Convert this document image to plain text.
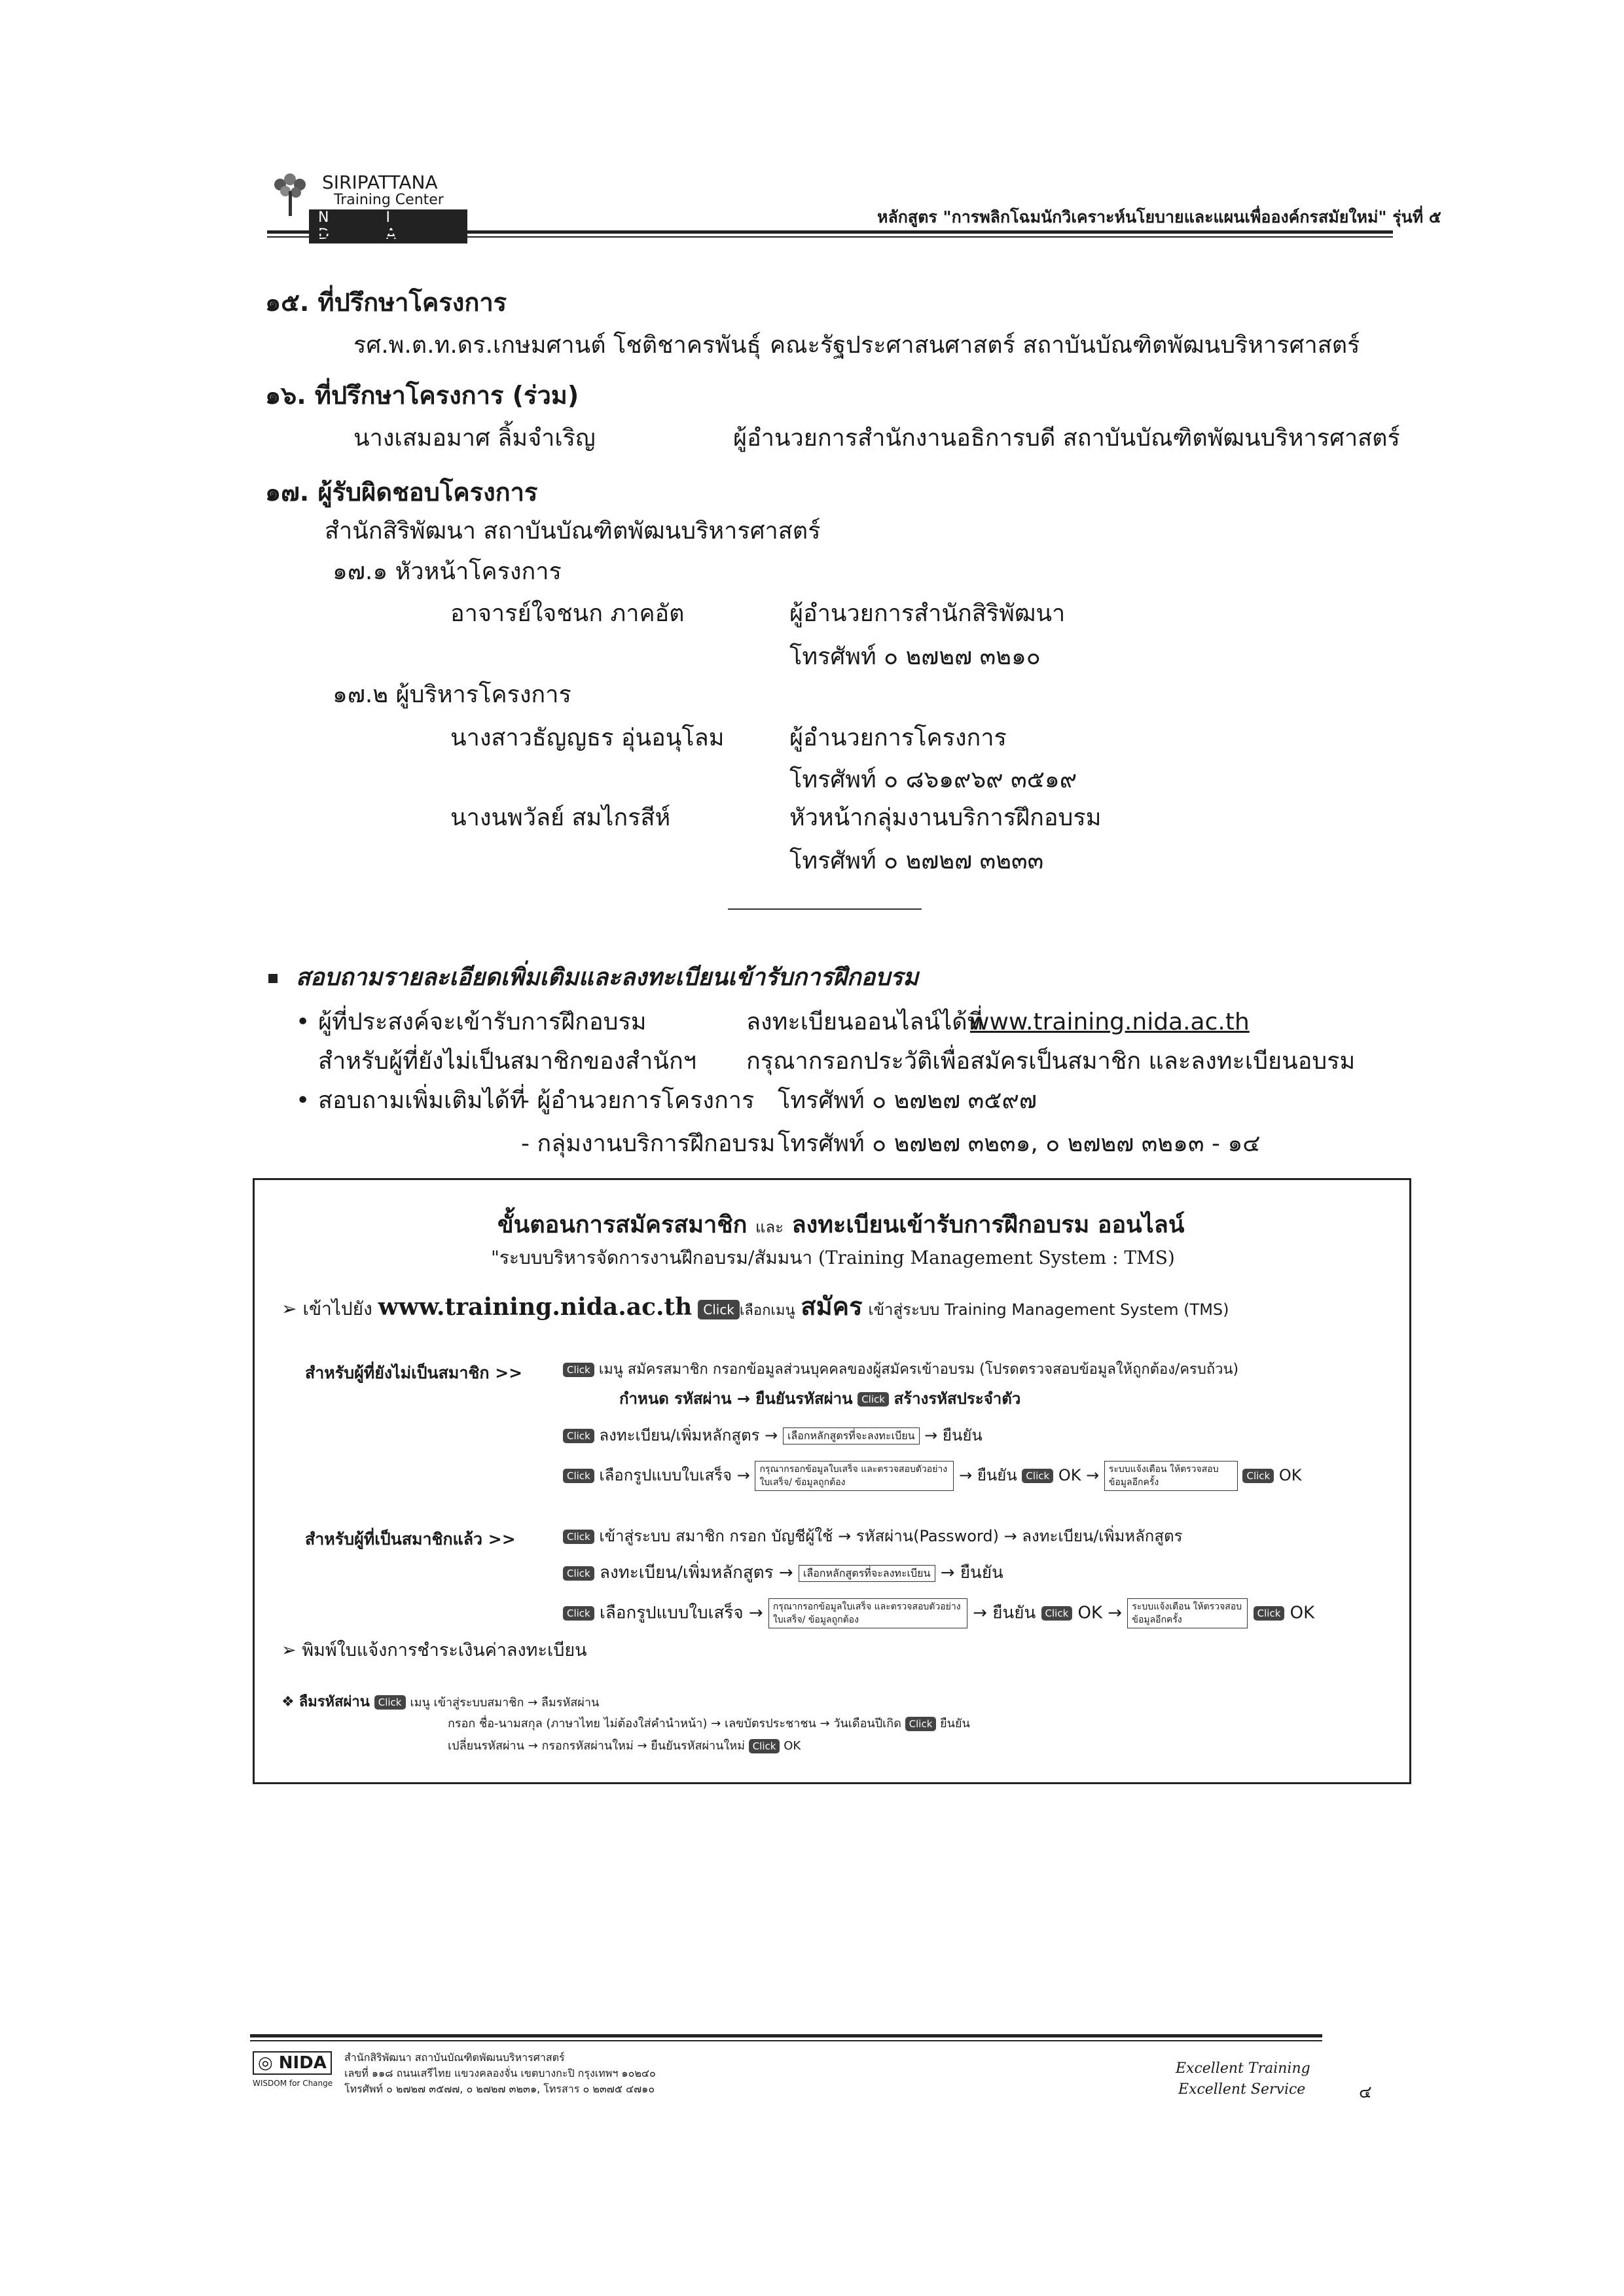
SIRIPATTANA
Training Center
N I D A
หลักสูตร "การพลิกโฉมนักวิเคราะห์นโยบายและแผนเพื่อองค์กรสมัยใหม่" รุ่นที่ ๕
๑๕. ที่ปรึกษาโครงการ
รศ.พ.ต.ท.ดร.เกษมศานต์ โชติชาครพันธุ์ คณะรัฐประศาสนศาสตร์ สถาบันบัณฑิตพัฒนบริหารศาสตร์
๑๖. ที่ปรึกษาโครงการ (ร่วม)
นางเสมอมาศ ลิ้มจำเริญ	ผู้อำนวยการสำนักงานอธิการบดี สถาบันบัณฑิตพัฒนบริหารศาสตร์
๑๗. ผู้รับผิดชอบโครงการ
สำนักสิริพัฒนา สถาบันบัณฑิตพัฒนบริหารศาสตร์
๑๗.๑ หัวหน้าโครงการ
อาจารย์ใจชนก ภาคอัต	ผู้อำนวยการสำนักสิริพัฒนา
โทรศัพท์ ๐ ๒๗๒๗ ๓๒๑๐
๑๗.๒ ผู้บริหารโครงการ
นางสาวธัญญธร อุ่นอนุโลม	ผู้อำนวยการโครงการ
โทรศัพท์ ๐ ๘๖๑๙๖๙ ๓๕๑๙
นางนพวัลย์ สมไกรสีห์	หัวหน้ากลุ่มงานบริการฝึกอบรม
โทรศัพท์ ๐ ๒๗๒๗ ๓๒๓๓
สอบถามรายละเอียดเพิ่มเติมและลงทะเบียนเข้ารับการฝึกอบรม
• ผู้ที่ประสงค์จะเข้ารับการฝึกอบรม	ลงทะเบียนออนไลน์ได้ที่
www.training.nida.ac.th
สำหรับผู้ที่ยังไม่เป็นสมาชิกของสำนักฯ กรุณากรอกประวัติเพื่อสมัครเป็นสมาชิก และลงทะเบียนอบรม
• สอบถามเพิ่มเติมได้ที่
- ผู้อำนวยการโครงการ โทรศัพท์ ๐ ๒๗๒๗ ๓๕๙๗
- กลุ่มงานบริการฝึกอบรม โทรศัพท์ ๐ ๒๗๒๗ ๓๒๓๑, ๐ ๒๗๒๗ ๓๒๑๓ - ๑๔
ขั้นตอนการสมัครสมาชิก และ ลงทะเบียนเข้ารับการฝึกอบรม ออนไลน์
"ระบบบริหารจัดการงานฝึกอบรม/สัมมนา (Training Management System : TMS)
➢ เข้าไปยัง www.training.nida.ac.th Click เลือกเมนู สมัคร เข้าสู่ระบบ Training Management System (TMS)
สำหรับผู้ที่ยังไม่เป็นสมาชิก >>	Click เมนู สมัครสมาชิก กรอกข้อมูลส่วนบุคคลของผู้สมัครเข้าอบรม (โปรดตรวจสอบข้อมูลให้ถูกต้อง/ครบถ้วน)
กำหนด รหัสผ่าน → ยืนยันรหัสผ่าน Click สร้างรหัสประจำตัว
Click ลงทะเบียน/เพิ่มหลักสูตร → เลือกหลักสูตรที่จะลงทะเบียน → ยืนยัน
Click เลือกรูปแบบใบเสร็จ → กรุณากรอกข้อมูลใบเสร็จ และตรวจสอบตัวอย่างใบเสร็จ/ ข้อมูลถูกต้อง	→ ยืนยัน Click OK → ระบบแจ้งเตือน ให้ตรวจสอบข้อมูลอีกครั้ง Click OK
สำหรับผู้ที่เป็นสมาชิกแล้ว >>	Click เข้าสู่ระบบ สมาชิก กรอก บัญชีผู้ใช้ → รหัสผ่าน(Password) → ลงทะเบียน/เพิ่มหลักสูตร
Click ลงทะเบียน/เพิ่มหลักสูตร → เลือกหลักสูตรที่จะลงทะเบียน → ยืนยัน
Click เลือกรูปแบบใบเสร็จ → กรุณากรอกข้อมูลใบเสร็จ และตรวจสอบตัวอย่างใบเสร็จ/ ข้อมูลถูกต้อง	→ ยืนยัน Click OK → ระบบแจ้งเตือน ให้ตรวจสอบข้อมูลอีกครั้ง Click OK
➢ พิมพ์ใบแจ้งการชำระเงินค่าลงทะเบียน
❖ ลืมรหัสผ่าน Click เมนู เข้าสู่ระบบสมาชิก → ลืมรหัสผ่าน
กรอก ชื่อ-นามสกุล (ภาษาไทย ไม่ต้องใส่คำนำหน้า) → เลขบัตรประชาชน → วันเดือนปีเกิด Click ยืนยัน
เปลี่ยนรหัสผ่าน → กรอกรหัสผ่านใหม่ → ยืนยันรหัสผ่านใหม่ Click OK
◎ NIDA
WISDOM for Change
สำนักสิริพัฒนา สถาบันบัณฑิตพัฒนบริหารศาสตร์
เลขที่ ๑๑๘ ถนนเสรีไทย แขวงคลองจั่น เขตบางกะปิ กรุงเทพฯ ๑๐๒๔๐
โทรศัพท์ ๐ ๒๗๒๗ ๓๕๗๗, ๐ ๒๗๒๗ ๓๒๓๑, โทรสาร ๐ ๒๓๗๕ ๔๗๑๐
Excellent Training
Excellent Service	๔
